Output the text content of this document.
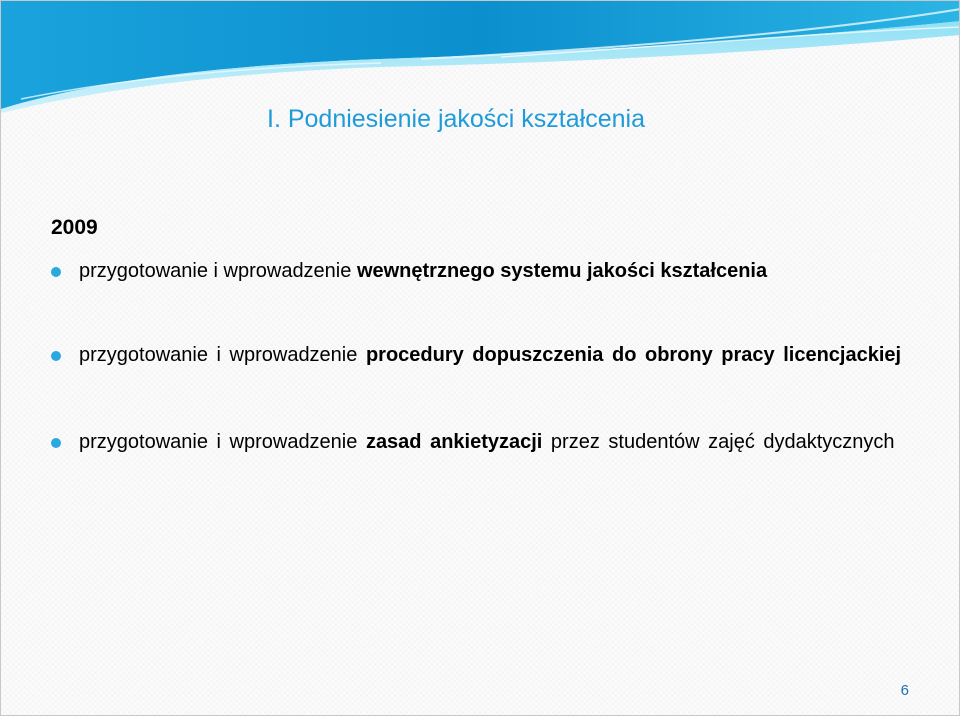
I. Podniesienie jakości kształcenia
2009
przygotowanie i wprowadzenie wewnętrznego systemu jakości kształcenia
przygotowanie i wprowadzenie procedury dopuszczenia do obrony pracy licencjackiej
przygotowanie i wprowadzenie zasad ankietyzacji przez studentów zajęć dydaktycznych
6
